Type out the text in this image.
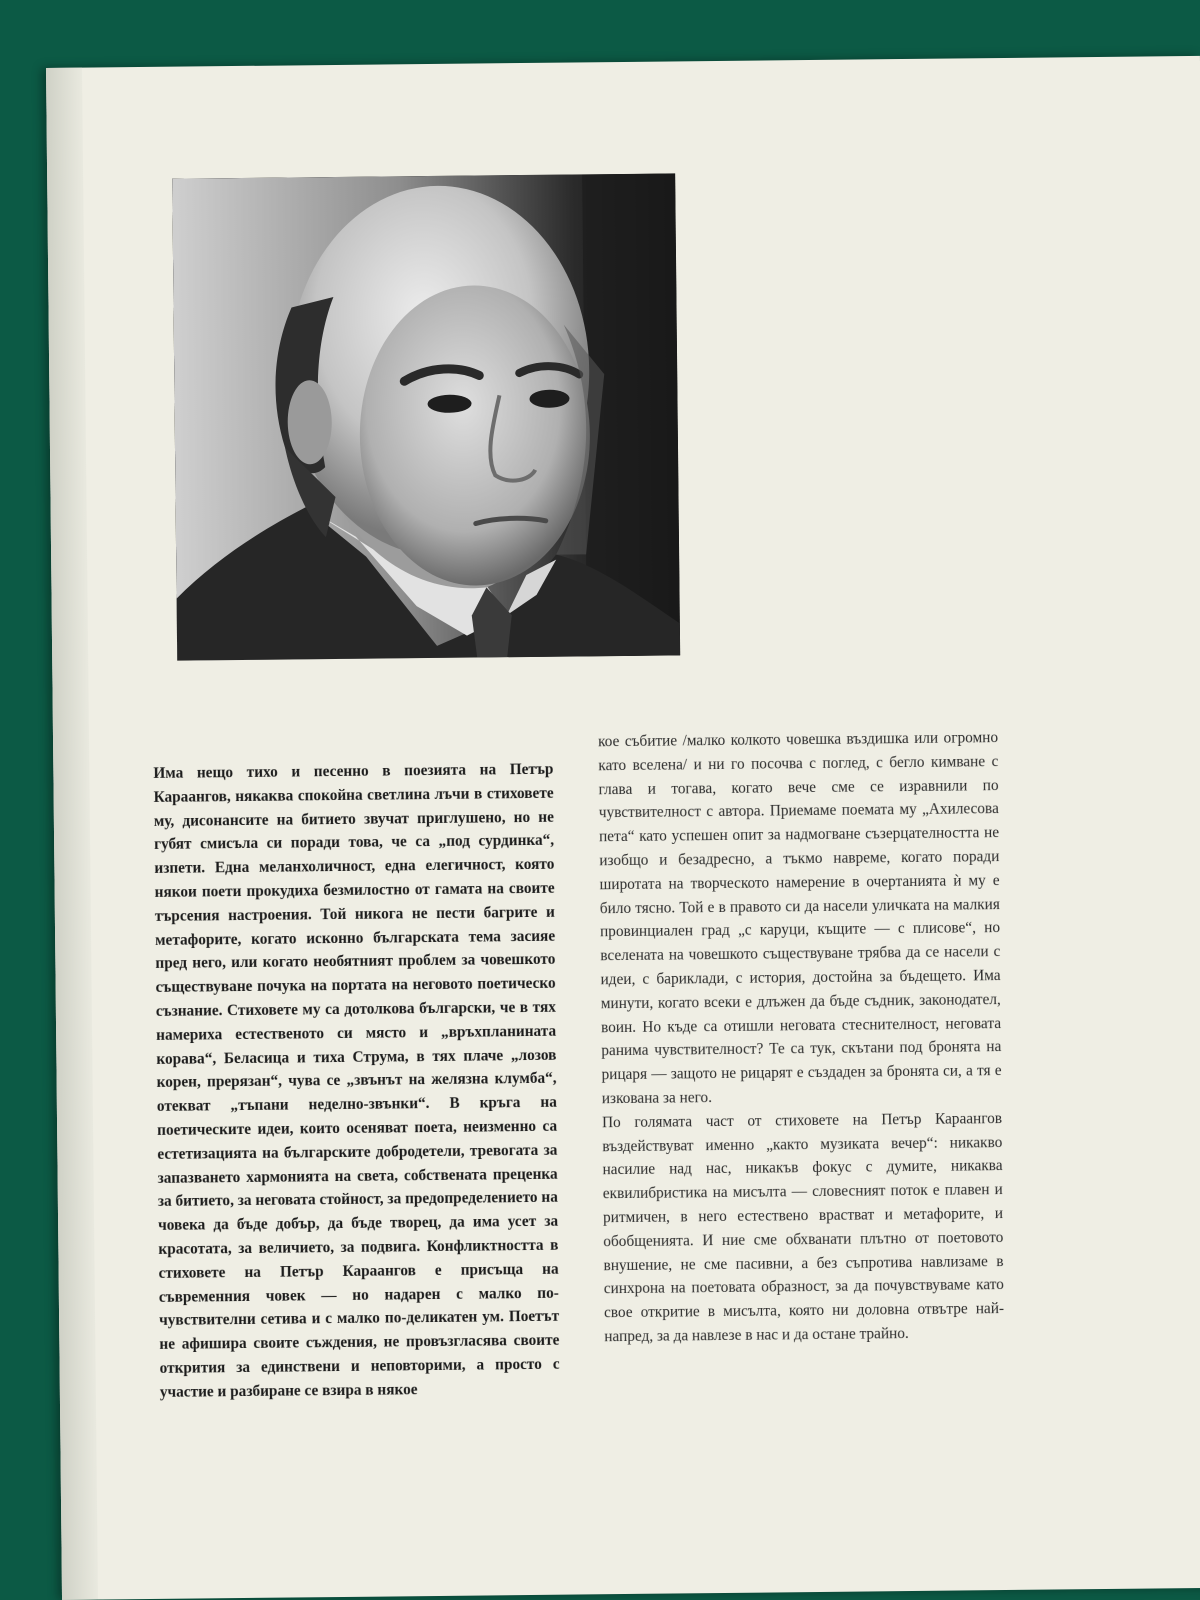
Има нещо тихо и песенно в поезията на Петър Караангов, някаква спокойна светлина лъчи в стиховете му, дисонансите на битието звучат приглушено, но не губят смисъла си поради това, че са „под сурдинка“, изпети. Една меланхоличност, една елегичност, която някои поети прокудиха безмилостно от гамата на своите търсения настроения. Той никога не пести багрите и метафорите, когато исконно българската тема засияе пред него, или когато необятният проблем за човешкото съществуване почука на портата на неговото поетическо съзнание. Стиховете му са дотолкова български, че в тях намериха естественото си място и „връхпланината корава“, Беласица и тиха Струма, в тях плаче „лозов корен, прерязан“, чува се „звънът на желязна клумба“, отекват „тъпани неделно-звънки“. В кръга на поетическите идеи, които осеняват поета, неизменно са естетизацията на българските добродетели, тревогата за запазването хармонията на света, собствената преценка за битието, за неговата стойност, за предопределението на човека да бъде добър, да бъде творец, да има усет за красотата, за величието, за подвига. Конфликтността в стиховете на Петър Караангов е присъща на съвременния човек — но надарен с малко по-чувствителни сетива и с малко по-деликатен ум. Поетът не афишира своите съждения, не провъзгласява своите открития за единствени и неповторими, а просто с участие и разбиране се взира в някое

кое събитие /малко колкото човешка въздишка или огромно като вселена/ и ни го посочва с поглед, с бегло кимване с глава и тогава, когато вече сме се изравнили по чувствителност с автора. Приемаме поемата му „Ахилесова пета“ като успешен опит за надмогване съзерцателността не изобщо и безадресно, а тъкмо навреме, когато поради широтата на творческото намерение в очертанията ѝ му е било тясно. Той е в правото си да насели уличката на малкия провинциален град „с каруци, къщите — с плисове“, но вселената на човешкото съществуване трябва да се насели с идеи, с бариклади, с история, достойна за бъдещето. Има минути, когато всеки е длъжен да бъде съдник, законодател, воин. Но къде са отишли неговата стеснителност, неговата ранима чувствителност? Те са тук, скътани под бронята на рицаря — защото не рицарят е създаден за бронята си, а тя е изкована за него.

По голямата част от стиховете на Петър Караангов въздействуват именно „както музиката вечер“: никакво насилие над нас, никакъв фокус с думите, никаква еквилибристика на мисълта — словесният поток е плавен и ритмичен, в него естествено врастват и метафорите, и обобщенията. И ние сме обхванати плътно от поетовото внушение, не сме пасивни, а без съпротива навлизаме в синхрона на поетовата образност, за да почувствуваме като свое откритие в мисълта, която ни доловна отвътре най-напред, за да навлезе в нас и да остане трайно.
